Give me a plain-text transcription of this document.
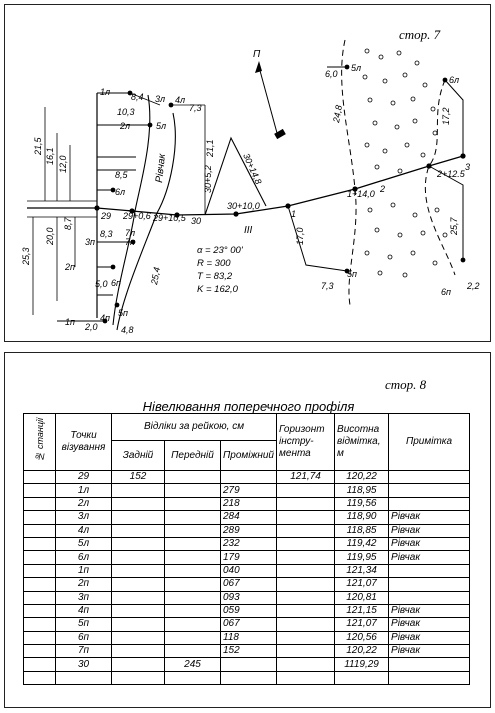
стор. 7
Рівчак
П
1л
2л
3л 4л
5л
6л
7л
1п
2п
3п
4п 5п
6п
7п
8,4
10,3
8,5
8,3
5,0
2,0	4,8
7,3
21,1
21,5
16,1 12,0
20,0
8,7
25,3
25,4
30+10,0
30+5,2	30+14,8
29+10,5
29+0,6
1+14,0
2+12.5
1
2
3
29	30
III
α = 23° 00'
R = 300
T = 83,2
K = 162,0
5л
6л
5п
6п
6,0
24,8	17,2
17,0
7,3
25,7
2,2
стор. 8
Нівелювання поперечного профіля
№ станції	Точки візування	Відліки за рейкою, см			Горизонт інстру-мента	Висотна відмітка, м	Примітка
		Задній	Передній	Проміжний			
	29	152			121,74	120,22	
	1л			279		118,95	
	2л			218		119,56	
	3л			284		118,90	Рівчак
	4л			289		118,85	Рівчак
	5л			232		119,42	Рівчак
	6л			179		119,95	Рівчак
	1п			040		121,34	
	2п			067		121,07	
	3п			093		120,81	
	4п			059		121,15	Рівчак
	5п			067		121,07	Рівчак
	6п			118		120,56	Рівчак
	7п			152		120,22	Рівчак
	30		245			1119,29	
